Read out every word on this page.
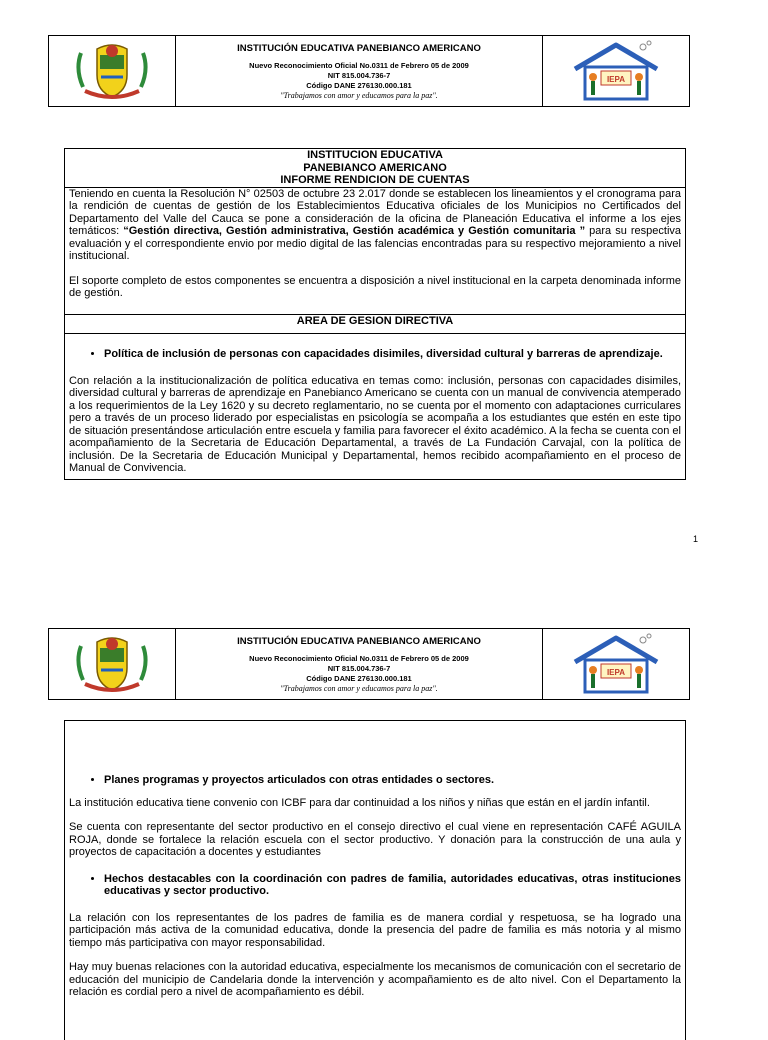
INSTITUCIÓN EDUCATIVA PANEBIANCO AMERICANO
Nuevo Reconocimiento Oficial No.0311 de Febrero 05 de 2009
NIT 815.004.736-7
Código DANE 276130.000.181
"Trabajamos con amor y educamos para la paz".
IEPA
INSTITUCION EDUCATIVA
PANEBIANCO AMERICANO
INFORME RENDICION DE CUENTAS

Teniendo en cuenta la Resolución N° 02503 de octubre 23 2.017 donde se establecen los lineamientos y el cronograma para la rendición de cuentas de gestión de los Establecimientos Educativa oficiales de los Municipios no Certificados del Departamento del Valle del Cauca se pone a consideración de la oficina de Planeación Educativa el informe a los ejes temáticos: “Gestión directiva, Gestión administrativa, Gestión académica y Gestión comunitaria ” para su respectiva evaluación y el correspondiente envio por medio digital de las falencias encontradas para su respectivo mejoramiento a nivel institucional.

El soporte completo de estos componentes se encuentra a disposición a nivel institucional en la carpeta denominada informe de gestión.

AREA DE GESION DIRECTIVA
• Política de inclusión de personas con capacidades disimiles, diversidad cultural y barreras de aprendizaje.

Con relación a la institucionalización de política educativa en temas como: inclusión, personas con capacidades disimiles, diversidad cultural y barreras de aprendizaje en Panebianco Americano se cuenta con un manual de convivencia atemperado a los requerimientos de la Ley 1620 y su decreto reglamentario, no se cuenta por el momento con adaptaciones curriculares pero a través de un proceso liderado por especialistas en psicología se acompaña a los estudiantes que estén en este tipo de situación presentándose articulación entre escuela y familia para favorecer el éxito académico. A la fecha se cuenta con el acompañamiento de la Secretaria de Educación Departamental, a través de La Fundación Carvajal, con la política de inclusión. De la Secretaria de Educación Municipal y Departamental, hemos recibido acompañamiento en el proceso de Manual de Convivencia.

1
INSTITUCIÓN EDUCATIVA PANEBIANCO AMERICANO
Nuevo Reconocimiento Oficial No.0311 de Febrero 05 de 2009
NIT 815.004.736-7
Código DANE 276130.000.181
"Trabajamos con amor y educamos para la paz".
IEPA
• Planes programas y proyectos articulados con otras entidades o sectores.

La institución educativa tiene convenio con ICBF para dar continuidad a los niños y niñas que están en el jardín infantil.

Se cuenta con representante del sector productivo en el consejo directivo el cual viene en representación CAFÉ AGUILA ROJA, donde se fortalece la relación escuela con el sector productivo. Y donación para la construcción de una aula y proyectos de capacitación a docentes y estudiantes

• Hechos destacables con la coordinación con padres de familia, autoridades educativas, otras instituciones educativas y sector productivo.

La relación con los representantes de los padres de familia es de manera cordial y respetuosa, se ha logrado una participación más activa de la comunidad educativa, donde la presencia del padre de familia es más notoria y al mismo tiempo más participativa con mayor responsabilidad.

Hay muy buenas relaciones con la autoridad educativa, especialmente los mecanismos de comunicación con el secretario de educación del municipio de Candelaria donde la intervención y acompañamiento es de alto nivel. Con el Departamento la relación es cordial pero a nivel de acompañamiento es débil.
